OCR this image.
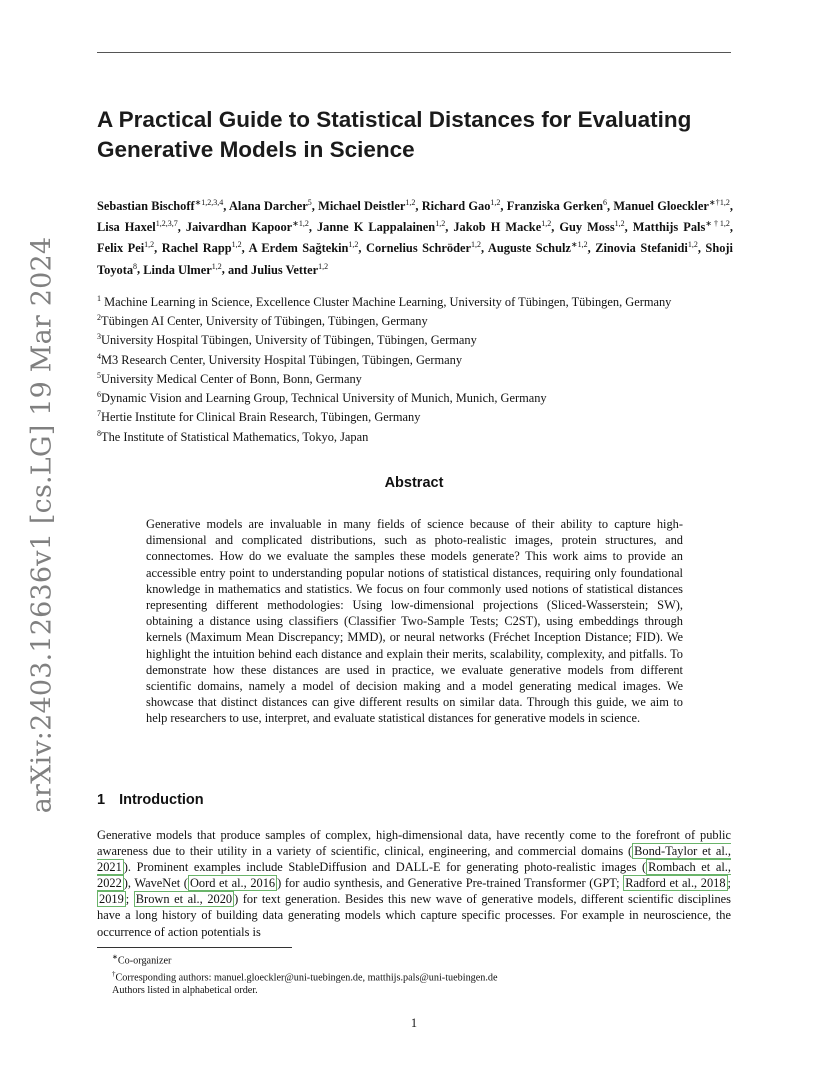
arXiv:2403.12636v1 [cs.LG] 19 Mar 2024
A Practical Guide to Statistical Distances for Evaluating Generative Models in Science
Sebastian Bischoff$^{∗1,2,3,4}$, Alana Darcher$^5$, Michael Deistler$^{1,2}$, Richard Gao$^{1,2}$, Franziska Gerken$^6$, Manuel Gloeckler$^{∗\dagger 1,2}$, Lisa Haxel$^{1,2,3,7}$, Jaivardhan Kapoor$^{∗1,2}$, Janne K Lappalainen$^{1,2}$, Jakob H Macke$^{1,2}$, Guy Moss$^{1,2}$, Matthijs Pals$^{∗\dagger 1,2}$, Felix Pei$^{1,2}$, Rachel Rapp$^{1,2}$, A Erdem Sağtekin$^{1,2}$, Cornelius Schröder$^{1,2}$, Auguste Schulz$^{∗1,2}$, Zinovia Stefanidi$^{1,2}$, Shoji Toyota$^8$, Linda Ulmer$^{1,2}$, and Julius Vetter$^{1,2}$
$^1$ Machine Learning in Science, Excellence Cluster Machine Learning, University of Tübingen, Tübingen, Germany
$^2$Tübingen AI Center, University of Tübingen, Tübingen, Germany
$^3$University Hospital Tübingen, University of Tübingen, Tübingen, Germany
$^4$M3 Research Center, University Hospital Tübingen, Tübingen, Germany
$^5$University Medical Center of Bonn, Bonn, Germany
$^6$Dynamic Vision and Learning Group, Technical University of Munich, Munich, Germany
$^7$Hertie Institute for Clinical Brain Research, Tübingen, Germany
$^8$The Institute of Statistical Mathematics, Tokyo, Japan
Abstract
Generative models are invaluable in many fields of science because of their ability to capture high-dimensional and complicated distributions, such as photo-realistic images, protein structures, and connectomes. How do we evaluate the samples these models generate? This work aims to provide an accessible entry point to understanding popular notions of statistical distances, requiring only foundational knowledge in mathematics and statistics. We focus on four commonly used notions of statistical distances representing different methodologies: Using low-dimensional projections (Sliced-Wasserstein; SW), obtaining a distance using classifiers (Classifier Two-Sample Tests; C2ST), using embeddings through kernels (Maximum Mean Discrepancy; MMD), or neural networks (Fréchet Inception Distance; FID). We highlight the intuition behind each distance and explain their merits, scalability, complexity, and pitfalls. To demonstrate how these distances are used in practice, we evaluate generative models from different scientific domains, namely a model of decision making and a model generating medical images. We showcase that distinct distances can give different results on similar data. Through this guide, we aim to help researchers to use, interpret, and evaluate statistical distances for generative models in science.
1 Introduction
Generative models that produce samples of complex, high-dimensional data, have recently come to the forefront of public awareness due to their utility in a variety of scientific, clinical, engineering, and commercial domains ( Bond-Taylor et al., 2021 ). Prominent examples include StableDiffusion and DALL-E for generating photo-realistic images ( Rombach et al., 2022 ), WaveNet ( Oord et al., 2016 ) for audio synthesis, and Generative Pre-trained Transformer (GPT; Radford et al., 2018 ; 2019 ; Brown et al., 2020 ) for text generation. Besides this new wave of generative models, different scientific disciplines have a long history of building data generating models which capture specific processes. For example in neuroscience, the occurrence of action potentials is
∗Co-organizer
†Corresponding authors: manuel.gloeckler@uni-tuebingen.de, matthijs.pals@uni-tuebingen.de
Authors listed in alphabetical order.
1
